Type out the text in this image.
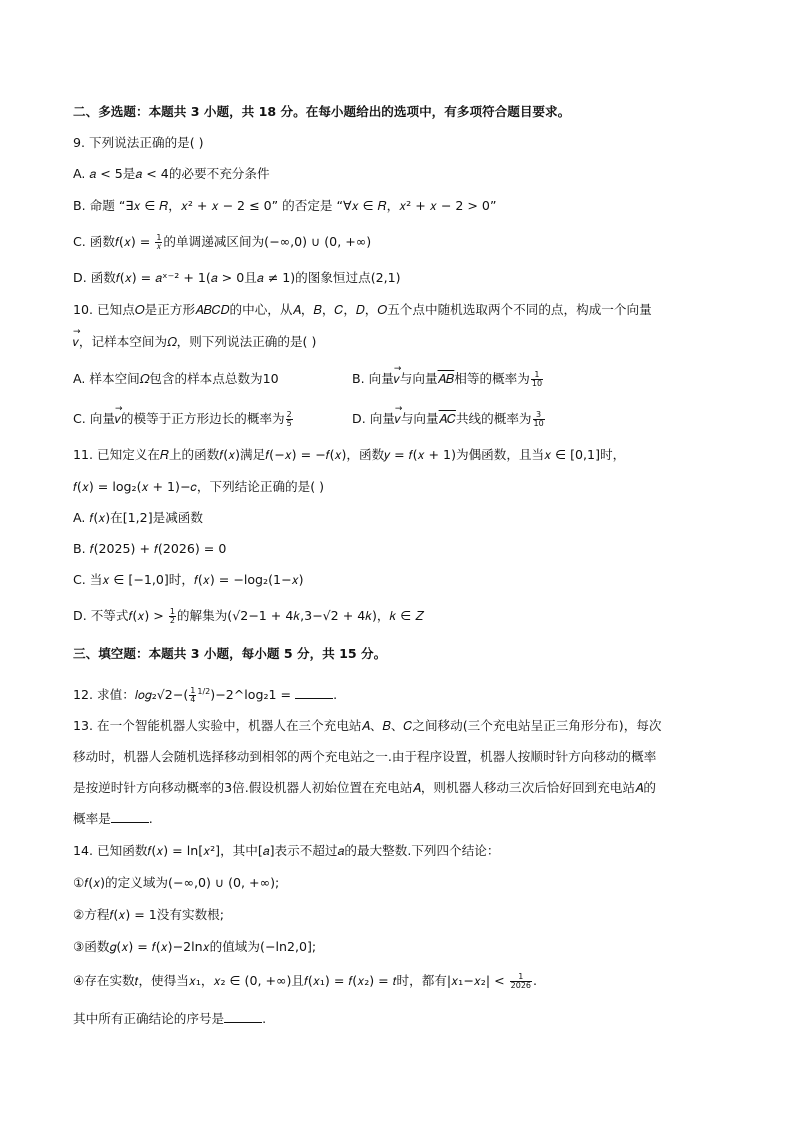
二、多选题：本题共 3 小题，共 18 分。在每小题给出的选项中，有多项符合题目要求。
9. 下列说法正确的是( )
A. 𝑎 < 5是𝑎 < 4的必要不充分条件
B. 命题 “∃𝑥 ∈ 𝑅，𝑥² + 𝑥 − 2 ≤ 0” 的否定是 “∀𝑥 ∈ 𝑅，𝑥² + 𝑥 − 2 > 0”
C. 函数𝑓(𝑥) = $\frac{1}{\text{𝑥}}$ 的单调递减区间为(−∞,0) ∪ (0, +∞)
D. 函数𝑓(𝑥) = 𝑎ˣ⁻² + 1(𝑎 > 0且𝑎 ≠ 1)的图象恒过点(2,1)
10. 已知点𝑂是正方形𝐴𝐵𝐶𝐷的中心，从𝐴，𝐵，𝐶，𝐷，𝑂五个点中随机选取两个不同的点，构成一个向量
→ 𝑣，记样本空间为𝛺，则下列说法正确的是( )
A. 样本空间𝛺包含的样本点总数为10	B. 向量→ 𝑣与向量𝐴𝐵相等的概率为 $\frac{1}{10}$
C. 向量→ 𝑣的模等于正方形边长的概率为 $\frac{2}{5}$	D. 向量→ 𝑣与向量𝐴𝐶共线的概率为 $\frac{3}{10}$
11. 已知定义在𝑅上的函数𝑓(𝑥)满足𝑓(−𝑥) = −𝑓(𝑥)，函数𝑦 = 𝑓(𝑥 + 1)为偶函数，且当𝑥 ∈ [0,1]时，
𝑓(𝑥) = log₂(𝑥 + 1)−𝑐，下列结论正确的是( )
A. 𝑓(𝑥)在[1,2]是减函数
B. 𝑓(2025) + 𝑓(2026) = 0
C. 当𝑥 ∈ [−1,0]时，𝑓(𝑥) = −log₂(1−𝑥)
D. 不等式𝑓(𝑥) > $\frac{1}{2}$ 的解集为(√2−1 + 4𝑘,3−√2 + 4𝑘)，𝑘 ∈ 𝑍
三、填空题：本题共 3 小题，每小题 5 分，共 15 分。
12. 求值：𝑙𝑜𝑔₂√2−( $\frac{1}{4}$ $^{1/2}$)−2^log₂1 =	.
13. 在一个智能机器人实验中，机器人在三个充电站𝐴、𝐵、𝐶之间移动(三个充电站呈正三角形分布)，每次
移动时，机器人会随机选择移动到相邻的两个充电站之一.由于程序设置，机器人按顺时针方向移动的概率
是按逆时针方向移动概率的3倍.假设机器人初始位置在充电站𝐴，则机器人移动三次后恰好回到充电站𝐴的
概率是	.
14. 已知函数𝑓(𝑥) = ln[𝑥²]，其中[𝑎]表示不超过𝑎的最大整数.下列四个结论：
①𝑓(𝑥)的定义域为(−∞,0) ∪ (0, +∞);
②方程𝑓(𝑥) = 1没有实数根;
③函数𝑔(𝑥) = 𝑓(𝑥)−2ln𝑥的值域为(−ln2,0];
④存在实数𝑡，使得当𝑥₁，𝑥₂ ∈ (0, +∞)且𝑓(𝑥₁) = 𝑓(𝑥₂) = 𝑡时，都有|𝑥₁−𝑥₂| < $\frac{1}{2026}$ .
其中所有正确结论的序号是	.
